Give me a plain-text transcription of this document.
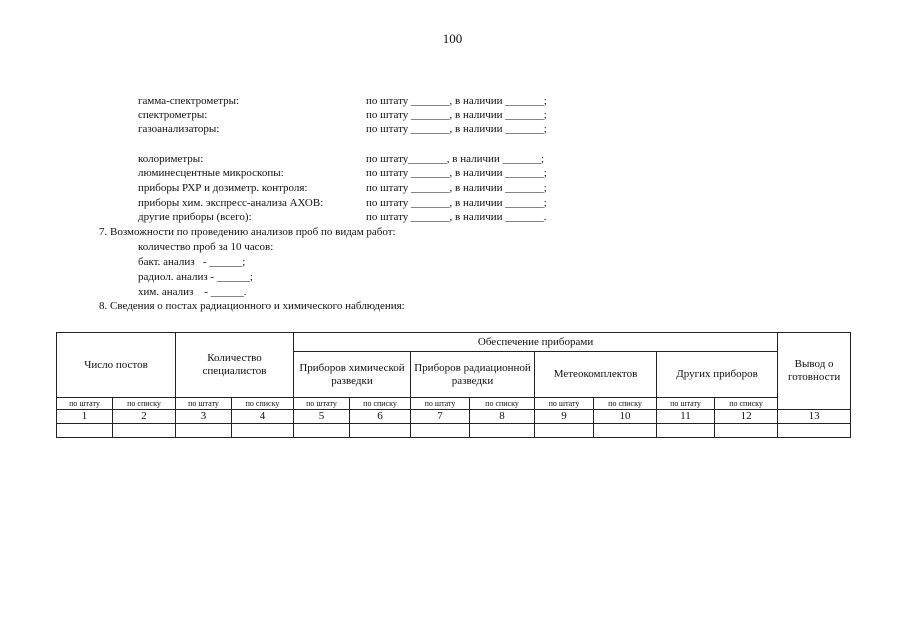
100
гамма-спектрометры:	по штату _______, в наличии _______;
спектрометры:	по штату _______, в наличии _______;
газоанализаторы:	по штату _______, в наличии _______;
колориметры:	по штату_______, в наличии _______;
люминесцентные микроскопы:	по штату _______, в наличии _______;
приборы РХР и дозиметр. контроля:	по штату _______, в наличии _______;
приборы хим. экспресс-анализа АХОВ:	по штату _______, в наличии _______;
другие приборы (всего):	по штату _______, в наличии _______.
7. Возможности по проведению анализов проб по видам работ:
количество проб за 10 часов:
бакт. анализ   - ______;
радиол. анализ - ______;
хим. анализ    - ______.
8. Сведения о постах радиационного и химического наблюдения:
Число постов		Количество специалистов		Обеспечение приборами								Вывод о готовности
				Приборов химической разведки		Приборов радиационной разведки		Метеокомплектов		Других приборов		
по штату	по списку	по штату	по списку	по штату	по списку	по штату	по списку	по штату	по списку	по штату	по списку	
1	2	3	4	5	6	7	8	9	10	11	12	13
